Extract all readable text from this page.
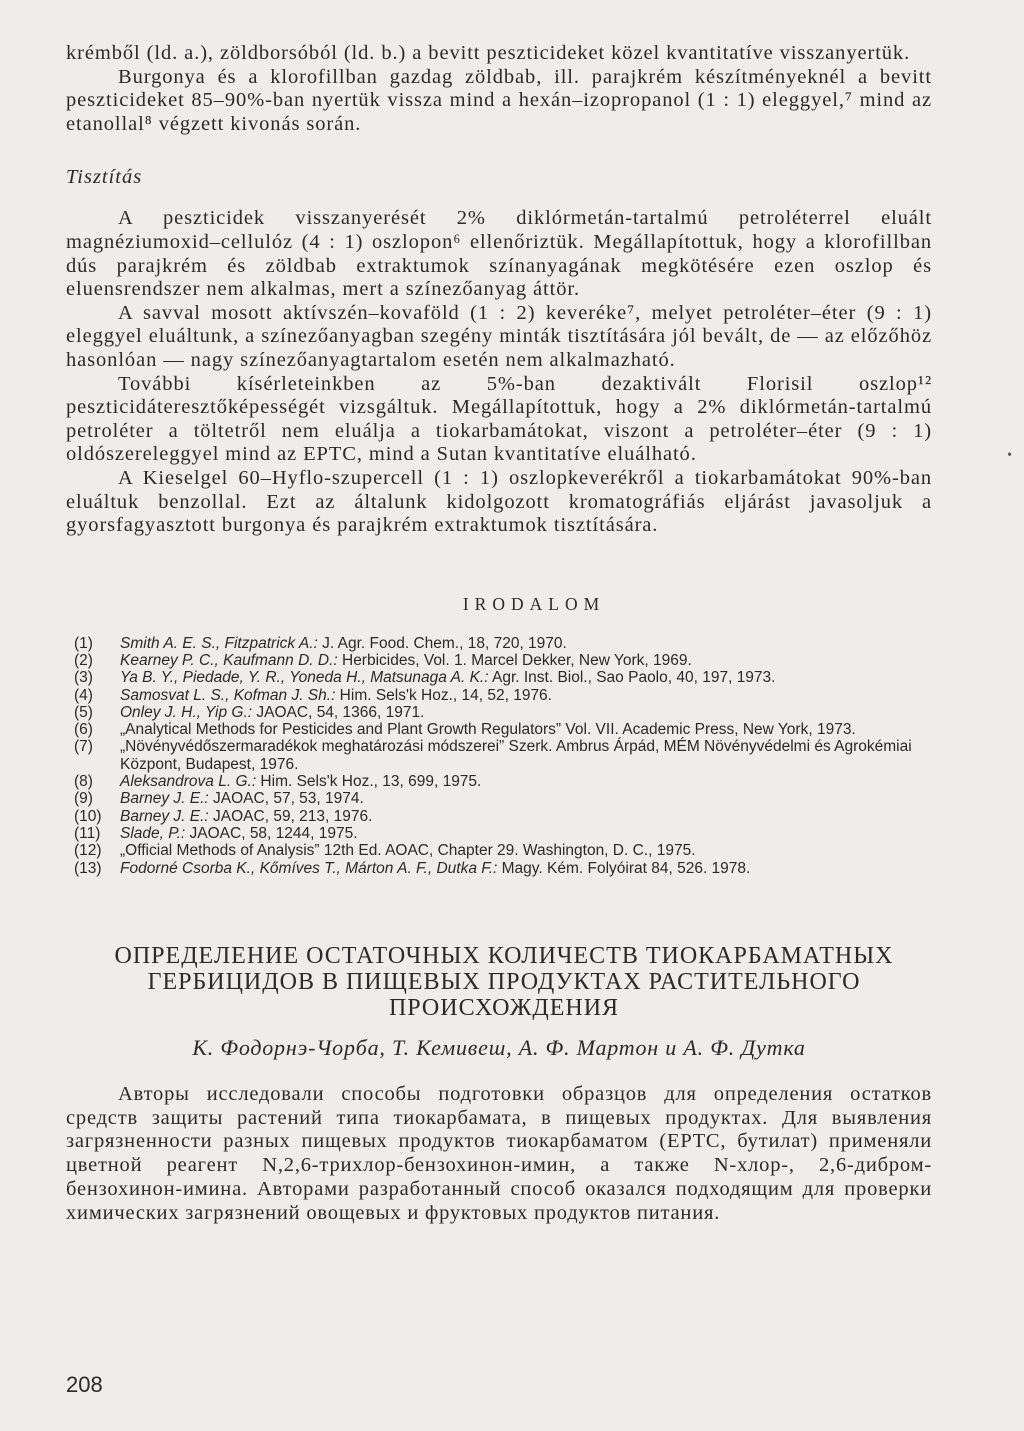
krémből (ld. a.), zöldborsóból (ld. b.) a bevitt peszticideket közel kvantitatíve visszanyertük.

Burgonya és a klorofillban gazdag zöldbab, ill. parajkrém készítményeknél a bevitt peszticideket 85–90%-ban nyertük vissza mind a hexán–izopropanol (1 : 1) eleggyel,⁷ mind az etanollal⁸ végzett kivonás során.

Tisztítás

A peszticidek visszanyerését 2% diklórmetán-tartalmú petroléterrel eluált magnéziumoxid–cellulóz (4 : 1) oszlopon⁶ ellenőriztük. Megállapítottuk, hogy a klorofillban dús parajkrém és zöldbab extraktumok színanyagának megkötésére ezen oszlop és eluensrendszer nem alkalmas, mert a színezőanyag áttör.

A savval mosott aktívszén–kovaföld (1 : 2) keveréke⁷, melyet petroléter–éter (9 : 1) eleggyel eluáltunk, a színezőanyagban szegény minták tisztítására jól bevált, de — az előzőhöz hasonlóan — nagy színezőanyagtartalom esetén nem alkalmazható.

További kísérleteinkben az 5%-ban dezaktivált Florisil oszlop¹² peszticidáteresztőképességét vizsgáltuk. Megállapítottuk, hogy a 2% diklórmetán-tartalmú petroléter a töltetről nem eluálja a tiokarbamátokat, viszont a petroléter–éter (9 : 1) oldószereleggyel mind az EPTC, mind a Sutan kvantitatíve eluálható.

A Kieselgel 60–Hyflo-szupercell (1 : 1) oszlopkeverékről a tiokarbamátokat 90%-ban eluáltuk benzollal. Ezt az általunk kidolgozott kromatográfiás eljárást javasoljuk a gyorsfagyasztott burgonya és parajkrém extraktumok tisztítására.

IRODALOM
(1)	Smith A. E. S., Fitzpatrick A.: J. Agr. Food. Chem., 18, 720, 1970.
(2)	Kearney P. C., Kaufmann D. D.: Herbicides, Vol. 1. Marcel Dekker, New York, 1969.
(3)	Ya B. Y., Piedade, Y. R., Yoneda H., Matsunaga A. K.: Agr. Inst. Biol., Sao Paolo, 40, 197, 1973.
(4)	Samosvat L. S., Kofman J. Sh.: Him. Sels'k Hoz., 14, 52, 1976.
(5)	Onley J. H., Yip G.: JAOAC, 54, 1366, 1971.
(6)	„Analytical Methods for Pesticides and Plant Growth Regulators” Vol. VII. Academic Press, New York, 1973.
(7)	„Növényvédőszermaradékok meghatározási módszerei” Szerk. Ambrus Árpád, MÉM Növényvédelmi és Agrokémiai Központ, Budapest, 1976.
(8)	Aleksandrova L. G.: Him. Sels'k Hoz., 13, 699, 1975.
(9)	Barney J. E.: JAOAC, 57, 53, 1974.
(10)	Barney J. E.: JAOAC, 59, 213, 1976.
(11)	Slade, P.: JAOAC, 58, 1244, 1975.
(12)	„Official Methods of Analysis” 12th Ed. AOAC, Chapter 29. Washington, D. C., 1975.
(13)	Fodorné Csorba K., Kőmíves T., Márton A. F., Dutka F.: Magy. Kém. Folyóirat 84, 526. 1978.
ОПРЕДЕЛЕНИЕ ОСТАТОЧНЫХ КОЛИЧЕСТВ ТИОКАРБАМАТНЫХ ГЕРБИЦИДОВ В ПИЩЕВЫХ ПРОДУКТАХ РАСТИТЕЛЬНОГО ПРОИСХОЖДЕНИЯ
К. Фодорнэ-Чорба, Т. Кемивеш, А. Ф. Мартон и А. Ф. Дутка

Авторы исследовали способы подготовки образцов для определения остатков средств защиты растений типа тиокарбамата, в пищевых продуктах. Для выявления загрязненности разных пищевых продуктов тиокарбаматом (EPTC, бутилат) применяли цветной реагент N,2,6-трихлор-бензохинон-имин, а также N-хлор-, 2,6-дибром-бензохинон-имина. Авторами разработанный способ оказался подходящим для проверки химических загрязнений овощевых и фруктовых продуктов питания.

208
•
